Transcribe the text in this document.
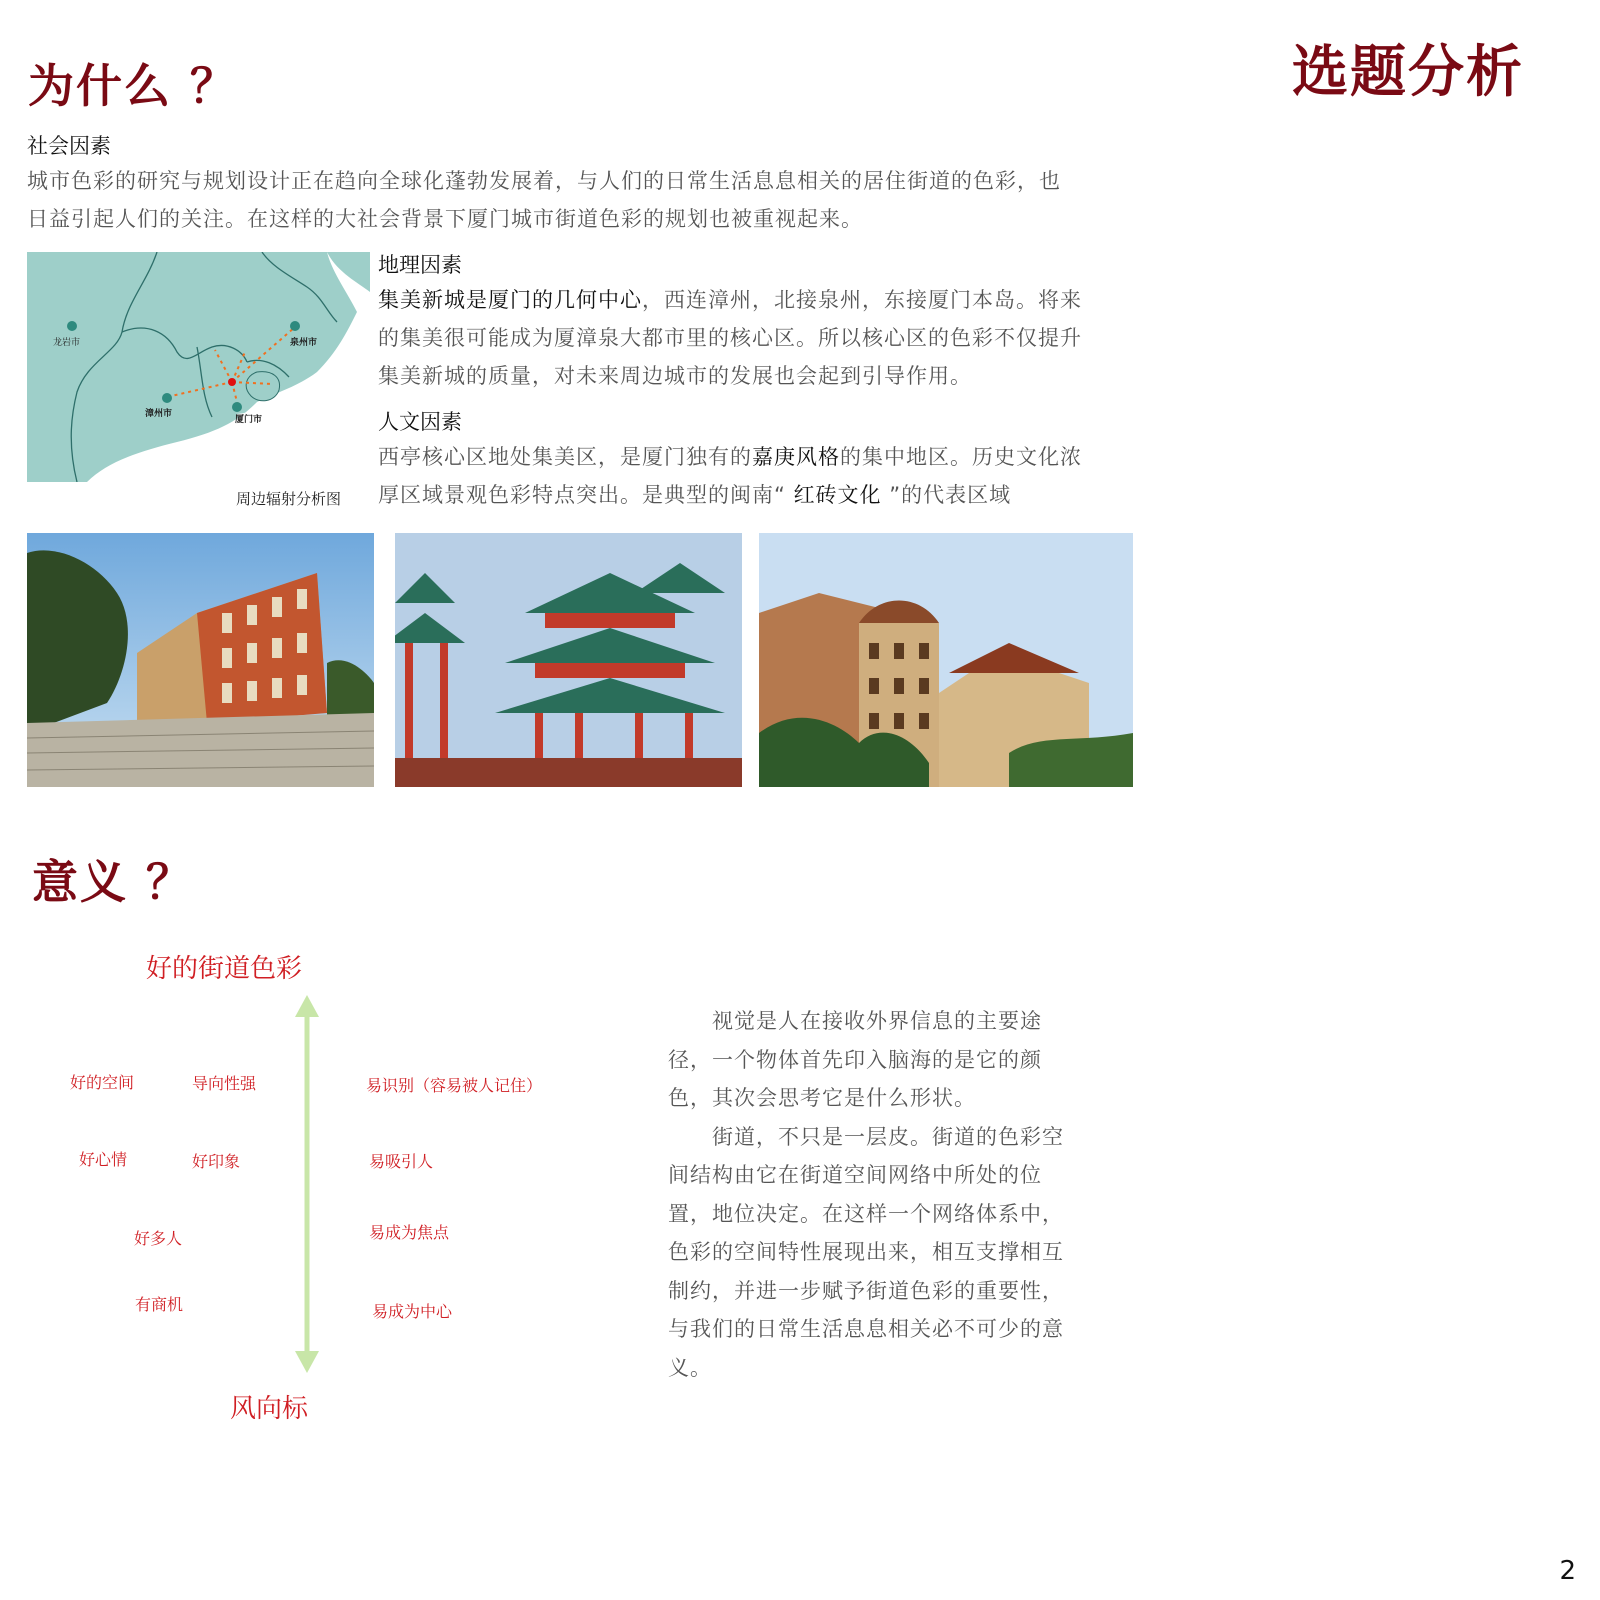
选题分析
为什么 ？
社会因素
城市色彩的研究与规划设计正在趋向全球化蓬勃发展着，与人们的日常生活息息相关的居住街道的色彩，也
日益引起人们的关注。在这样的大社会背景下厦门城市街道色彩的规划也被重视起来。
龙岩市	泉州市
漳州市
厦门市
周边辐射分析图
地理因素
集美新城是厦门的几何中心，西连漳州，北接泉州，东接厦门本岛。将来
的集美很可能成为厦漳泉大都市里的核心区。所以核心区的色彩不仅提升
集美新城的质量，对未来周边城市的发展也会起到引导作用。
人文因素
西亭核心区地处集美区，是厦门独有的嘉庚风格的集中地区。历史文化浓
厚区域景观色彩特点突出。是典型的闽南“ 红砖文化 ”的代表区域
意义 ？
好的街道色彩
风向标
好的空间	导向性强
好心情	好印象
好多人
有商机
易识别（容易被人记住）
易吸引人
易成为焦点
易成为中心

视觉是人在接收外界信息的主要途径，一个物体首先印入脑海的是它的颜色，其次会思考它是什么形状。

街道，不只是一层皮。街道的色彩空间结构由它在街道空间网络中所处的位置，地位决定。在这样一个网络体系中，色彩的空间特性展现出来，相互支撑相互制约，并进一步赋予街道色彩的重要性，与我们的日常生活息息相关必不可少的意义。

2
